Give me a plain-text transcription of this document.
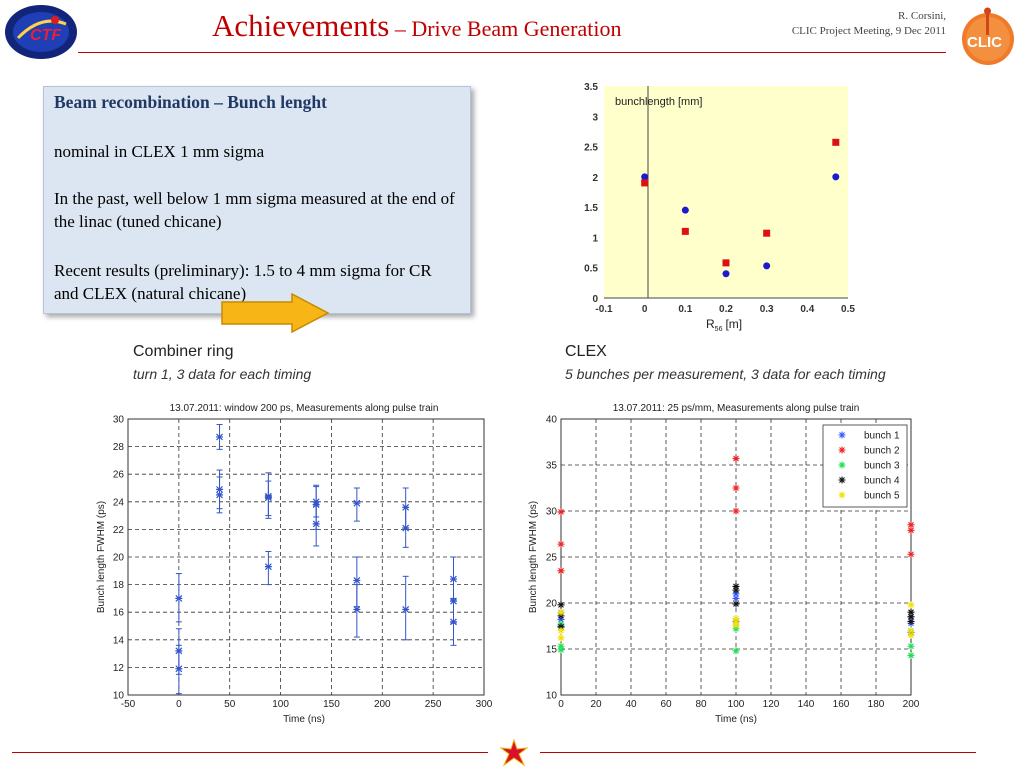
CTF	Achievements – Drive Beam Generation	R. Corsini,
CLIC Project Meeting, 9 Dec 2011
CLIC
Beam recombination – Bunch lenght
nominal in CLEX 1 mm sigma
In the past, well below 1 mm sigma measured at the end of the linac (tuned chicane)
Recent results (preliminary): 1.5 to 4 mm sigma for CR and CLEX (natural chicane)	0
0.5
1
1.5
2
2.5
3
3.5
-0.1	0	0.1	0.2	0.3	0.4	0.5
bunchlength [mm]
$R_{56}$ [m]
Combiner ring
turn 1, 3 data for each timing
CLEX
5 bunches per measurement, 3 data for each timing
13.07.2011: window 200 ps, Measurements along pulse train
10
12
14
16
18
20
22
24
26
28
30
-50	0	50	100	150	200	250	300
Time (ns)
Bunch length FWHM (ps)
13.07.2011: 25 ps/mm, Measurements along pulse train
10
15
20
25
30
35
40
0	20 40 60 80 100 120 140 160 180 200
bunch 1
bunch 2
bunch 3
bunch 4
bunch 5
Time (ns)
Bunch length FWHM (ps)
